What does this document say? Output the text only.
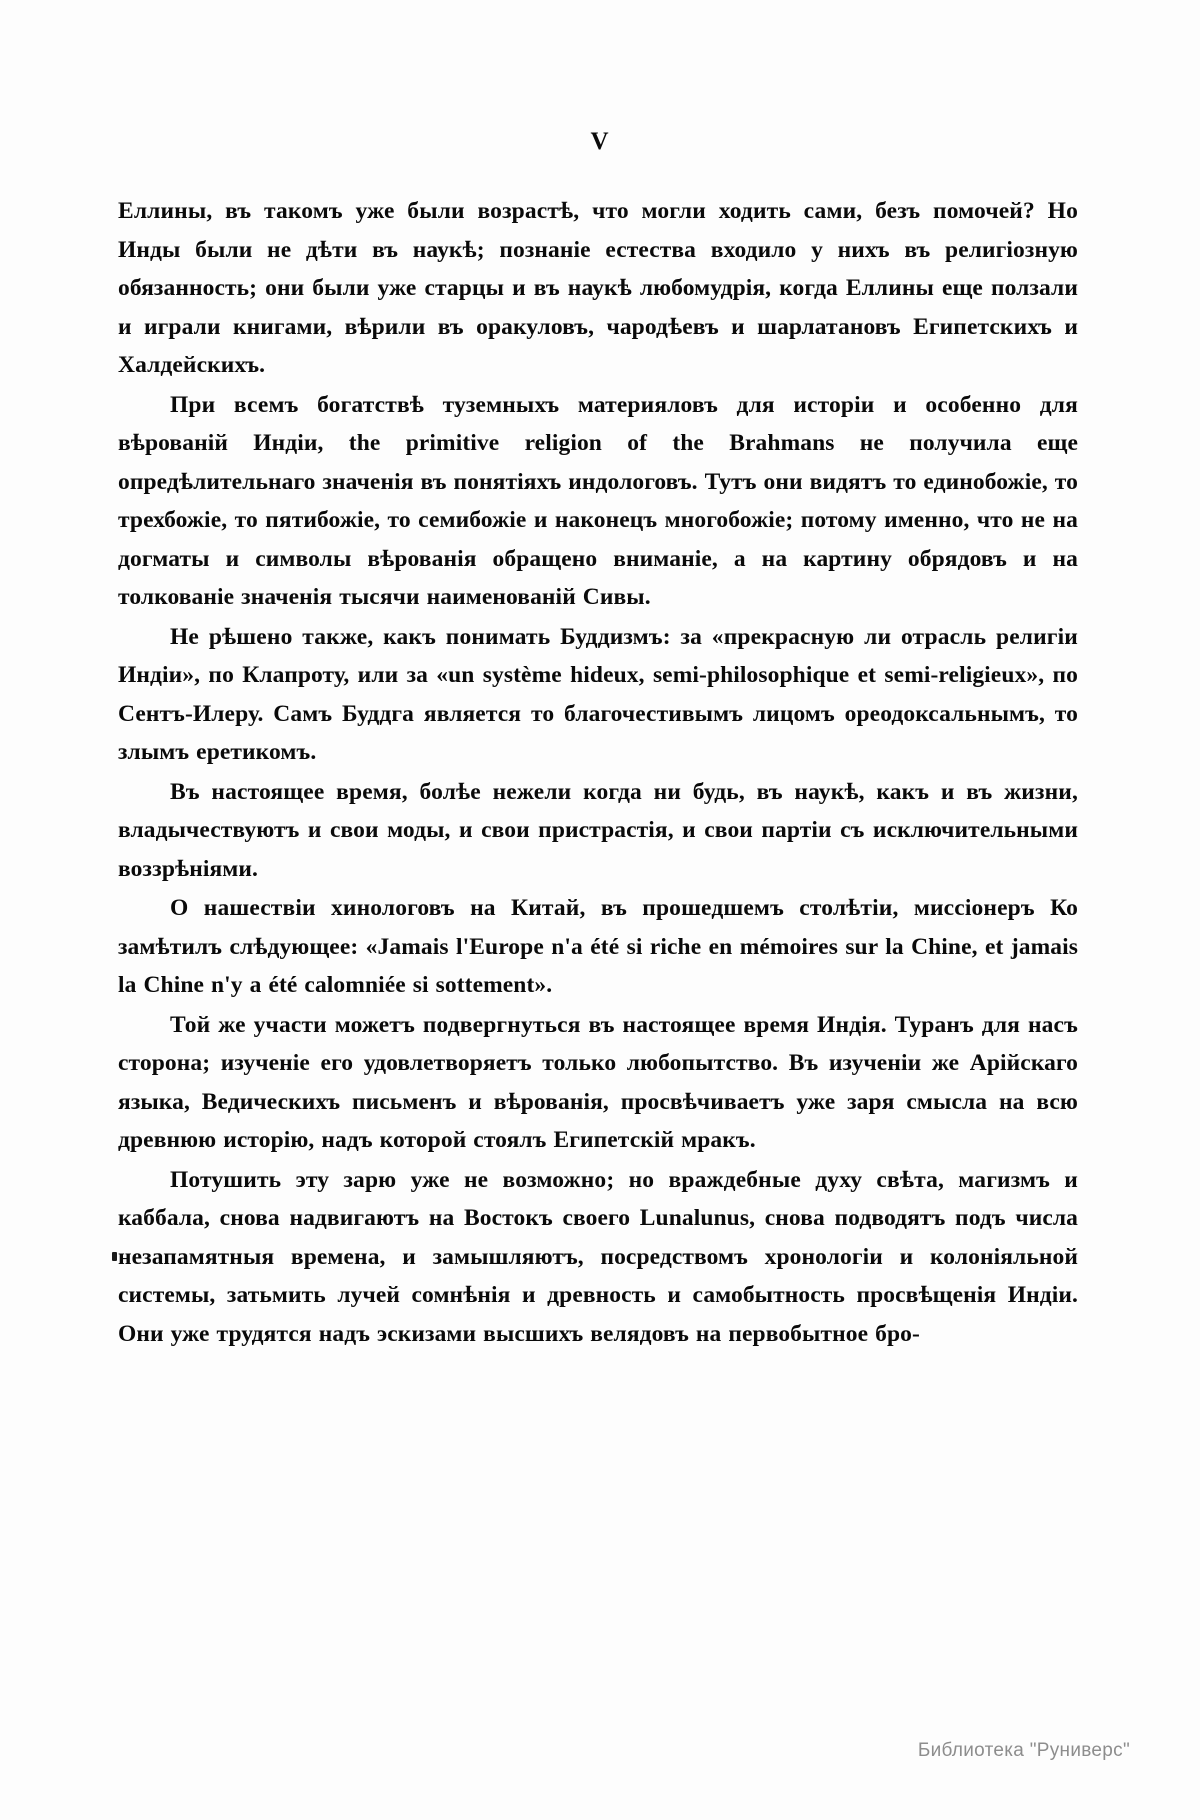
V

Еллины, въ такомъ уже были возрастѣ, что могли ходить сами, безъ помочей? Но Инды были не дѣти въ наукѣ; познаніе естества входило у нихъ въ религіозную обязанность; они были уже старцы и въ наукѣ любомудрія, когда Еллины еще ползали и играли книгами, вѣрили въ оракуловъ, чародѣевъ и шарлатановъ Египетскихъ и Халдейскихъ.

При всемъ богатствѣ туземныхъ материяловъ для исторіи и особенно для вѣрованій Индіи, the primitive religion of the Brahmans не получила еще опредѣлительнаго значенія въ понятіяхъ индологовъ. Тутъ они видятъ то единобожіе, то трехбожіе, то пятибожіе, то семибожіе и наконецъ многобожіе; потому именно, что не на догматы и символы вѣрованія обращено вниманіе, а на картину обрядовъ и на толкованіе значенія тысячи наименованій Сивы.

Не рѣшено также, какъ понимать Буддизмъ: за «прекрасную ли отрасль религіи Индіи», по Клапроту, или за «un système hideux, semi-philosophique et semi-religieux», по Сентъ-Илеру. Самъ Буддга является то благочестивымъ лицомъ ореодоксальнымъ, то злымъ еретикомъ.

Въ настоящее время, болѣе нежели когда ни будь, въ наукѣ, какъ и въ жизни, владычествуютъ и свои моды, и свои пристрастія, и свои партіи съ исключительными воззрѣніями.

О нашествіи хинологовъ на Китай, въ прошедшемъ столѣтіи, миссіонеръ Ко замѣтилъ слѣдующее: «Jamais l'Europe n'a été si riche en mémoires sur la Chine, et jamais la Chine n'y a été calomniée si sottement».

Той же участи можетъ подвергнуться въ настоящее время Индія. Туранъ для насъ сторона; изученіе его удовлетворяетъ только любопытство. Въ изученіи же Арійскаго языка, Ведическихъ письменъ и вѣрованія, просвѣчиваетъ уже заря смысла на всю древнюю исторію, надъ которой стоялъ Египетскій мракъ.

Потушить эту зарю уже не возможно; но враждебные духу свѣта, магизмъ и каббала, снова надвигаютъ на Востокъ своего Lunalunus, снова подводятъ подъ числа незапамятныя времена, и замышляютъ, посредствомъ хронологіи и колоніяльной системы, затьмить лучей сомнѣнія и древность и самобытность просвѣщенія Индіи. Они уже трудятся надъ эскизами высшихъ велядовъ на первобытное бро-

Библиотека "Руниверс"
